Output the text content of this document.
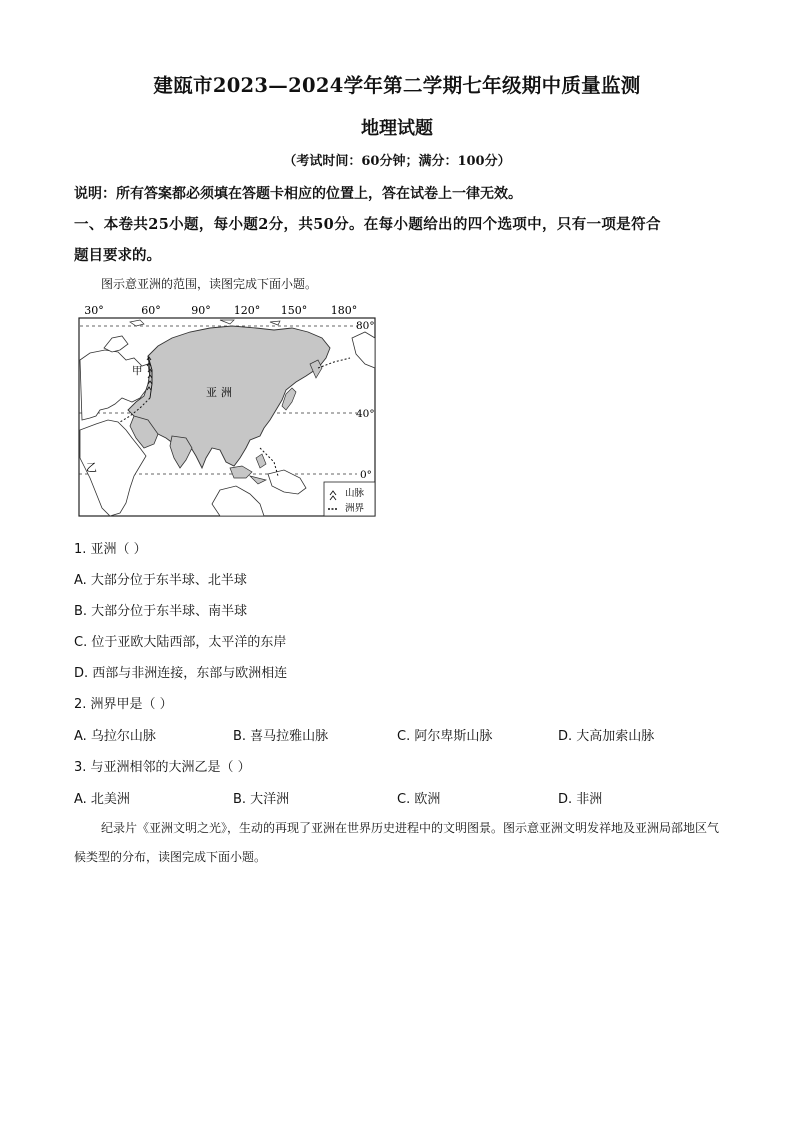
建瓯市2023—2024学年第二学期七年级期中质量监测
地理试题
（考试时间：60分钟；满分：100分）
说明：所有答案都必须填在答题卡相应的位置上，答在试卷上一律无效。
一、本卷共25小题，每小题2分，共50分。在每小题给出的四个选项中，只有一项是符合
题目要求的。
图示意亚洲的范围，读图完成下面小题。
30°	60°	90° 120° 150° 180°
80°
40°
0°
亚洲
甲
乙
山脉
洲界
1. 亚洲（ ）
A. 大部分位于东半球、北半球
B. 大部分位于东半球、南半球
C. 位于亚欧大陆西部，太平洋的东岸
D. 西部与非洲连接，东部与欧洲相连
2. 洲界甲是（ ）
A. 乌拉尔山脉	B. 喜马拉雅山脉	C. 阿尔卑斯山脉	D. 大高加索山脉
3. 与亚洲相邻的大洲乙是（ ）
A. 北美洲	B. 大洋洲	C. 欧洲	D. 非洲
纪录片《亚洲文明之光》，生动的再现了亚洲在世界历史进程中的文明图景。图示意亚洲文明发祥地及亚洲局部地区气候类型的分布，读图完成下面小题。
